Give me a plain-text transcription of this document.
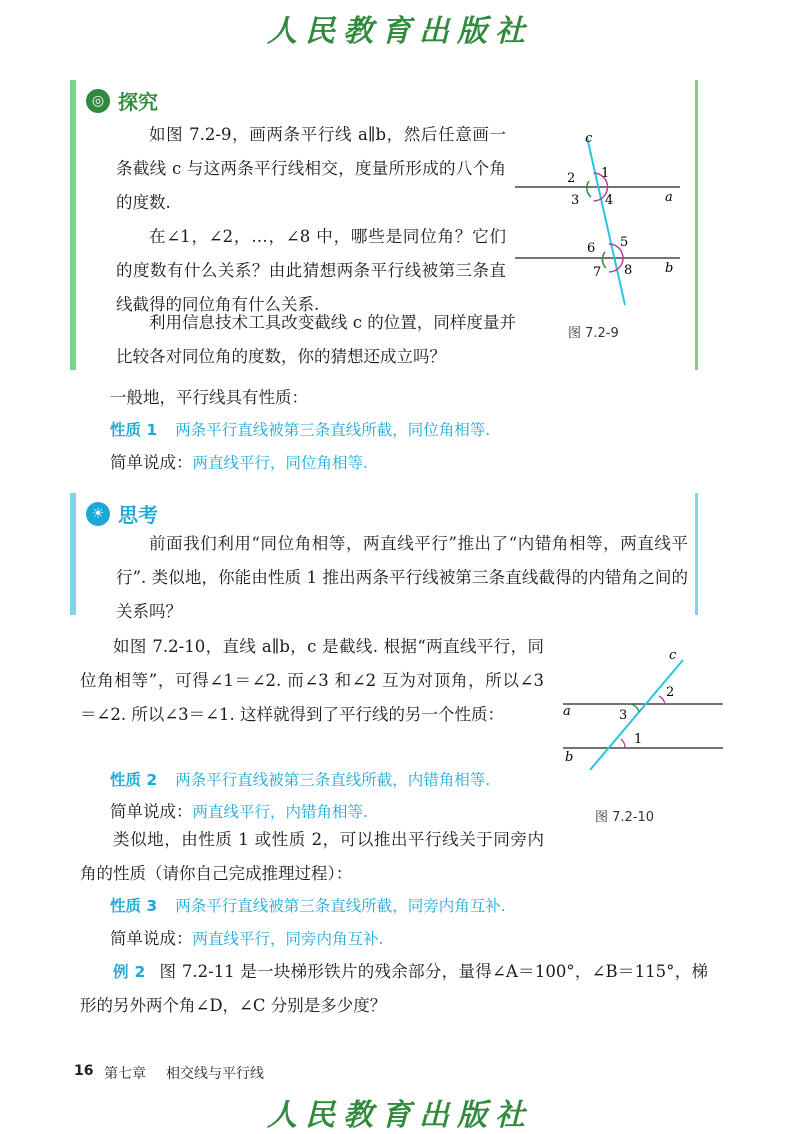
人民教育出版社
◎ 探究

如图 7.2-9，画两条平行线 a∥b，然后任意画一条截线 c 与这两条平行线相交，度量所形成的八个角的度数.

在∠1，∠2，…，∠8 中，哪些是同位角？它们的度数有什么关系？由此猜想两条平行线被第三条直线截得的同位角有什么关系.

利用信息技术工具改变截线 c 的位置，同样度量并比较各对同位角的度数，你的猜想还成立吗？

c
a
b
1
2
3 4
5
6
7 8
图 7.2-9
一般地，平行线具有性质：
性质 1 两条平行直线被第三条直线所截，同位角相等.
简单说成：两直线平行，同位角相等.
☀ 思考

前面我们利用“同位角相等，两直线平行”推出了“内错角相等，两直线平行”. 类似地，你能由性质 1 推出两条平行线被第三条直线截得的内错角之间的关系吗？

如图 7.2-10，直线 a∥b，c 是截线. 根据“两直线平行，同位角相等”，可得∠1＝∠2. 而∠3 和∠2 互为对顶角，所以∠3＝∠2. 所以∠3＝∠1. 这样就得到了平行线的另一个性质：

c
a
b
1
2
3
图 7.2-10
性质 2 两条平行直线被第三条直线所截，内错角相等.
简单说成：两直线平行，内错角相等.

类似地，由性质 1 或性质 2，可以推出平行线关于同旁内角的性质（请你自己完成推理过程）：

性质 3 两条平行直线被第三条直线所截，同旁内角互补.
简单说成：两直线平行，同旁内角互补.
例 2 图 7.2-11 是一块梯形铁片的残余部分，量得∠A＝100°，∠B＝115°，梯形的另外两个角∠D，∠C 分别是多少度？
16 第七章 相交线与平行线
人民教育出版社
